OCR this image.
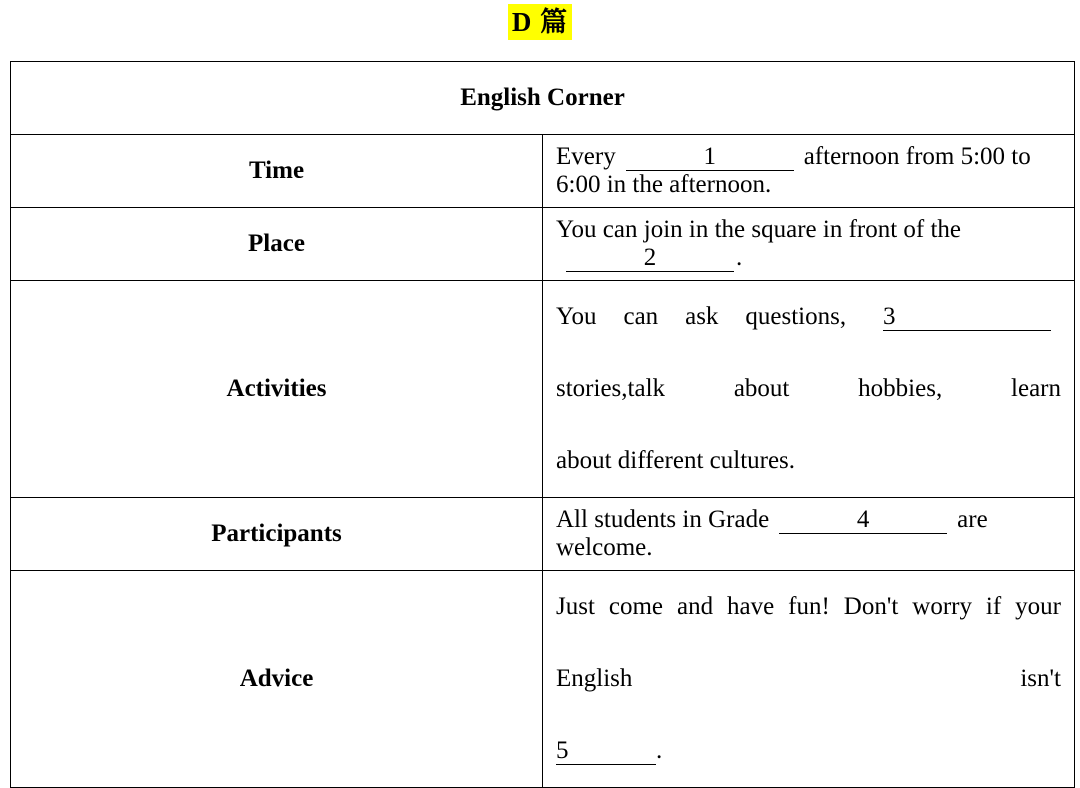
D 篇
English Corner	
Time	Every 1 afternoon from 5:00 to 6:00 in the afternoon.
Place	You can join in the square in front of the2 .
Activities	You can ask questions, 3 stories,talk about hobbies, learn
about different cultures.

Participants	All students in Grade 4 are welcome.
Advice	Just come and have fun! Don't worry if your English isn't
5 .
